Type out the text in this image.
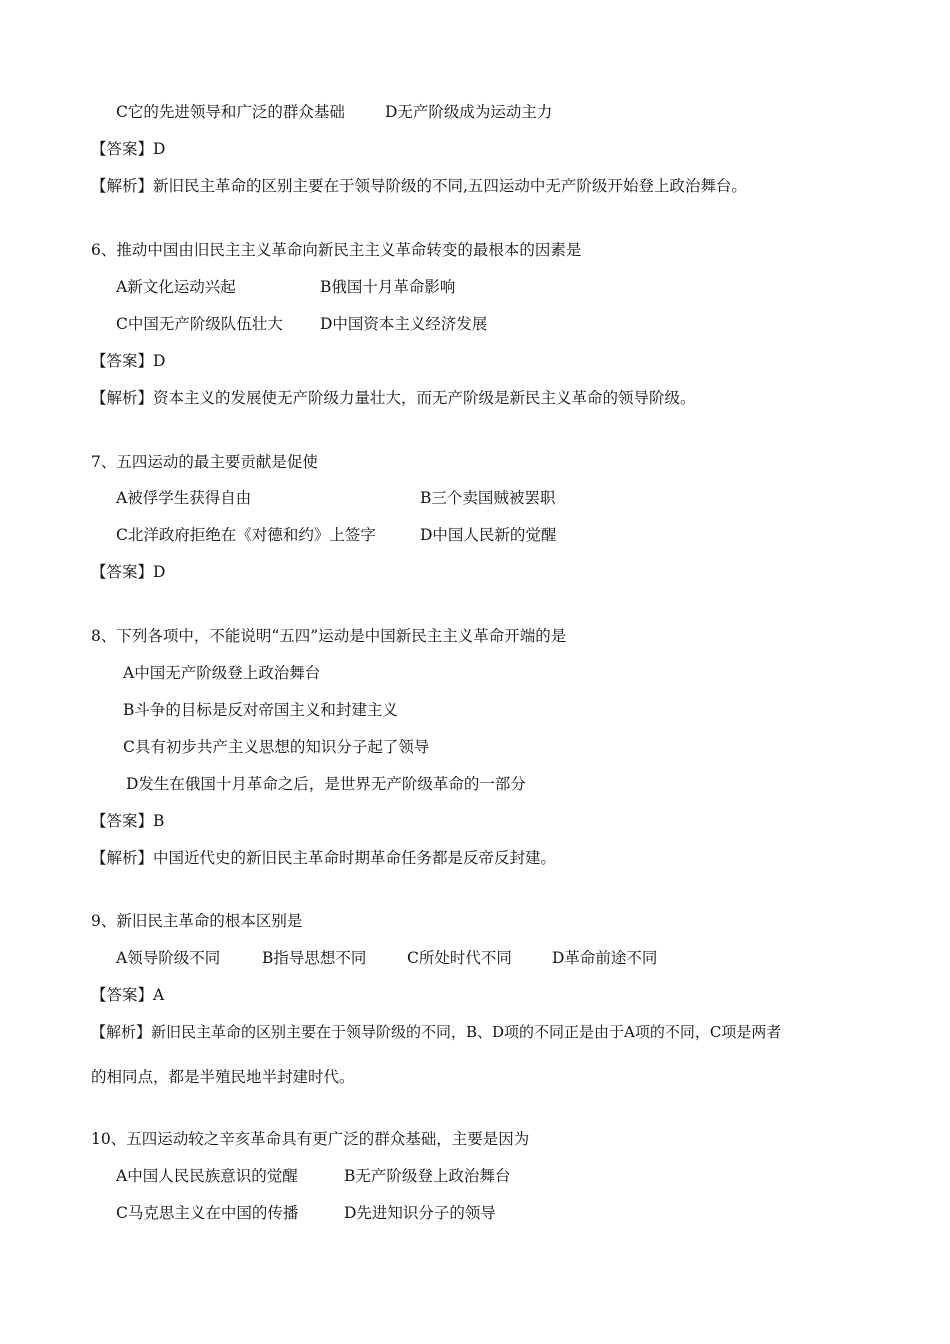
C它的先进领导和广泛的群众基础	D无产阶级成为运动主力
【答案】D
【解析】新旧民主革命的区别主要在于领导阶级的不同,五四运动中无产阶级开始登上政治舞台。
6、推动中国由旧民主主义革命向新民主主义革命转变的最根本的因素是
A新文化运动兴起	B俄国十月革命影响
C中国无产阶级队伍壮大 D中国资本主义经济发展
【答案】D
【解析】资本主义的发展使无产阶级力量壮大，而无产阶级是新民主义革命的领导阶级。
7、五四运动的最主要贡献是促使
A被俘学生获得自由	B三个卖国贼被罢职
C北洋政府拒绝在《对德和约》上签字	D中国人民新的觉醒
【答案】D
8、下列各项中，不能说明“五四”运动是中国新民主主义革命开端的是
A中国无产阶级登上政治舞台
B斗争的目标是反对帝国主义和封建主义
C具有初步共产主义思想的知识分子起了领导
D发生在俄国十月革命之后，是世界无产阶级革命的一部分
【答案】B
【解析】中国近代史的新旧民主革命时期革命任务都是反帝反封建。
9、新旧民主革命的根本区别是
A领导阶级不同	B指导思想不同	C所处时代不同	D革命前途不同
【答案】A
【解析】新旧民主革命的区别主要在于领导阶级的不同，B、D项的不同正是由于A项的不同，C项是两者
的相同点，都是半殖民地半封建时代。
10、五四运动较之辛亥革命具有更广泛的群众基础，主要是因为
A中国人民民族意识的觉醒	B无产阶级登上政治舞台
C马克思主义在中国的传播	D先进知识分子的领导
